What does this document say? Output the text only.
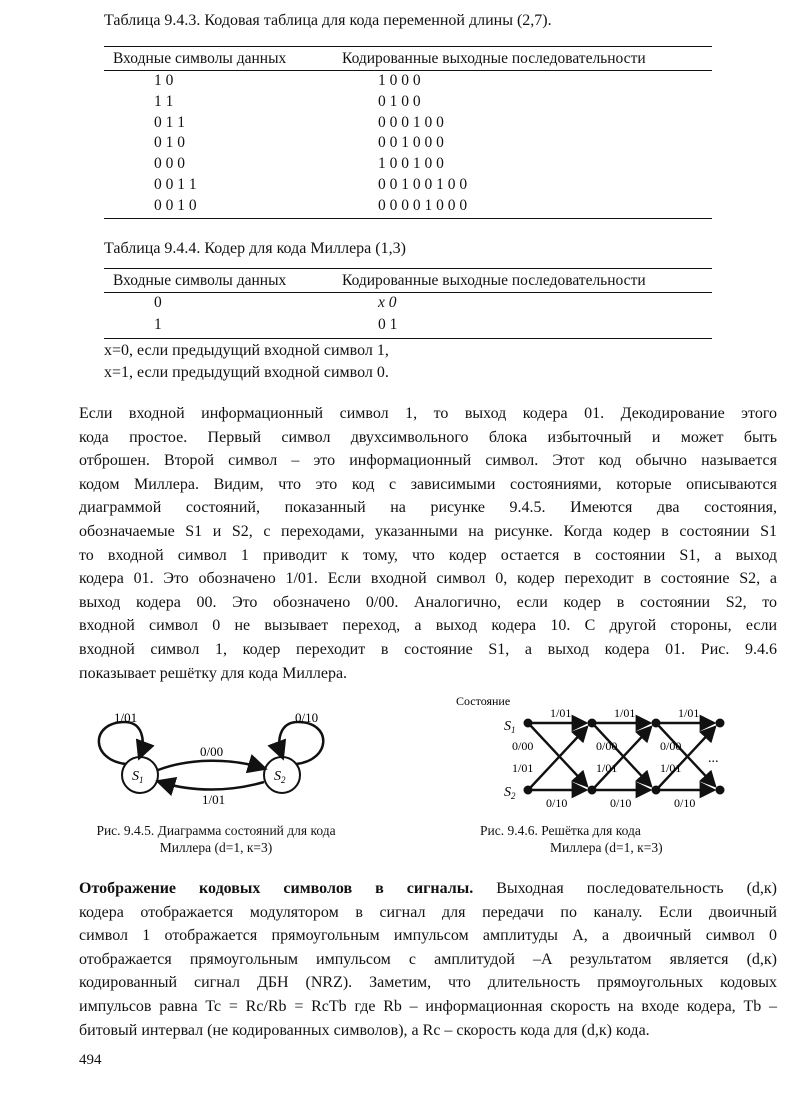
Таблица 9.4.3. Кодовая таблица для кода переменной длины (2,7).
Входные символы данных	Кодированные выходные последовательности
1 0	1 0 0 0
1 1	0 1 0 0
0 1 1	0 0 0 1 0 0
0 1 0	0 0 1 0 0 0
0 0 0	1 0 0 1 0 0
0 0 1 1	0 0 1 0 0 1 0 0
0 0 1 0	0 0 0 0 1 0 0 0
Таблица 9.4.4. Кодер для кода Миллера (1,3)
Входные символы данных	Кодированные выходные последовательности
0	x 0
1	0 1
x=0, если предыдущий входной символ 1,
x=1, если предыдущий входной символ 0.
Если входной информационный символ 1, то выход кодера 01. Декодирование этого
кода простое. Первый символ двухсимвольного блока избыточный и может быть
отброшен. Второй символ – это информационный символ. Этот код обычно называется
кодом Миллера. Видим, что это код с зависимыми состояниями, которые описываются
диаграммой состояний, показанный на рисунке 9.4.5. Имеются два состояния,
обозначаемые S1 и S2, с переходами, указанными на рисунке. Когда кодер в состоянии S1
то входной символ 1 приводит к тому, что кодер остается в состоянии S1, а выход
кодера 01. Это обозначено 1/01. Если входной символ 0, кодер переходит в состояние S2, а
выход кодера 00. Это обозначено 0/00. Аналогично, если кодер в состоянии S2, то
входной символ 0 не вызывает переход, а выход кодера 10. С другой стороны, если
входной символ 1, кодер переходит в состояние S1, а выход кодера 01. Рис. 9.4.6
показывает решётку для кода Миллера.
1/01	0/10
0/00
1/01
$S_1$	$S_2$
Рис. 9.4.5. Диаграмма состояний для кода
Миллера (d=1, к=3)
Состояние
$S_1$
$S_2$
1/01
0/00
1/01
0/10
1/01
0/00
1/01
0/10
1/01
0/00
1/01
0/10
...
Рис. 9.4.6. Решётка для кода
Миллера (d=1, к=3)
Отображение кодовых символов в сигналы. Выходная последовательность (d,к)
кодера отображается модулятором в сигнал для передачи по каналу. Если двоичный
символ 1 отображается прямоугольным импульсом амплитуды А, а двоичный символ 0
отображается прямоугольным импульсом с амплитудой –A результатом является (d,к)
кодированный сигнал ДБН (NRZ). Заметим, что длительность прямоугольных кодовых
импульсов равна Tc = Rc/Rb = RcTb где Rb – информационная скорость на входе кодера, Tb –
битовый интервал (не кодированных символов), а Rc – скорость кода для (d,к) кода.
494
